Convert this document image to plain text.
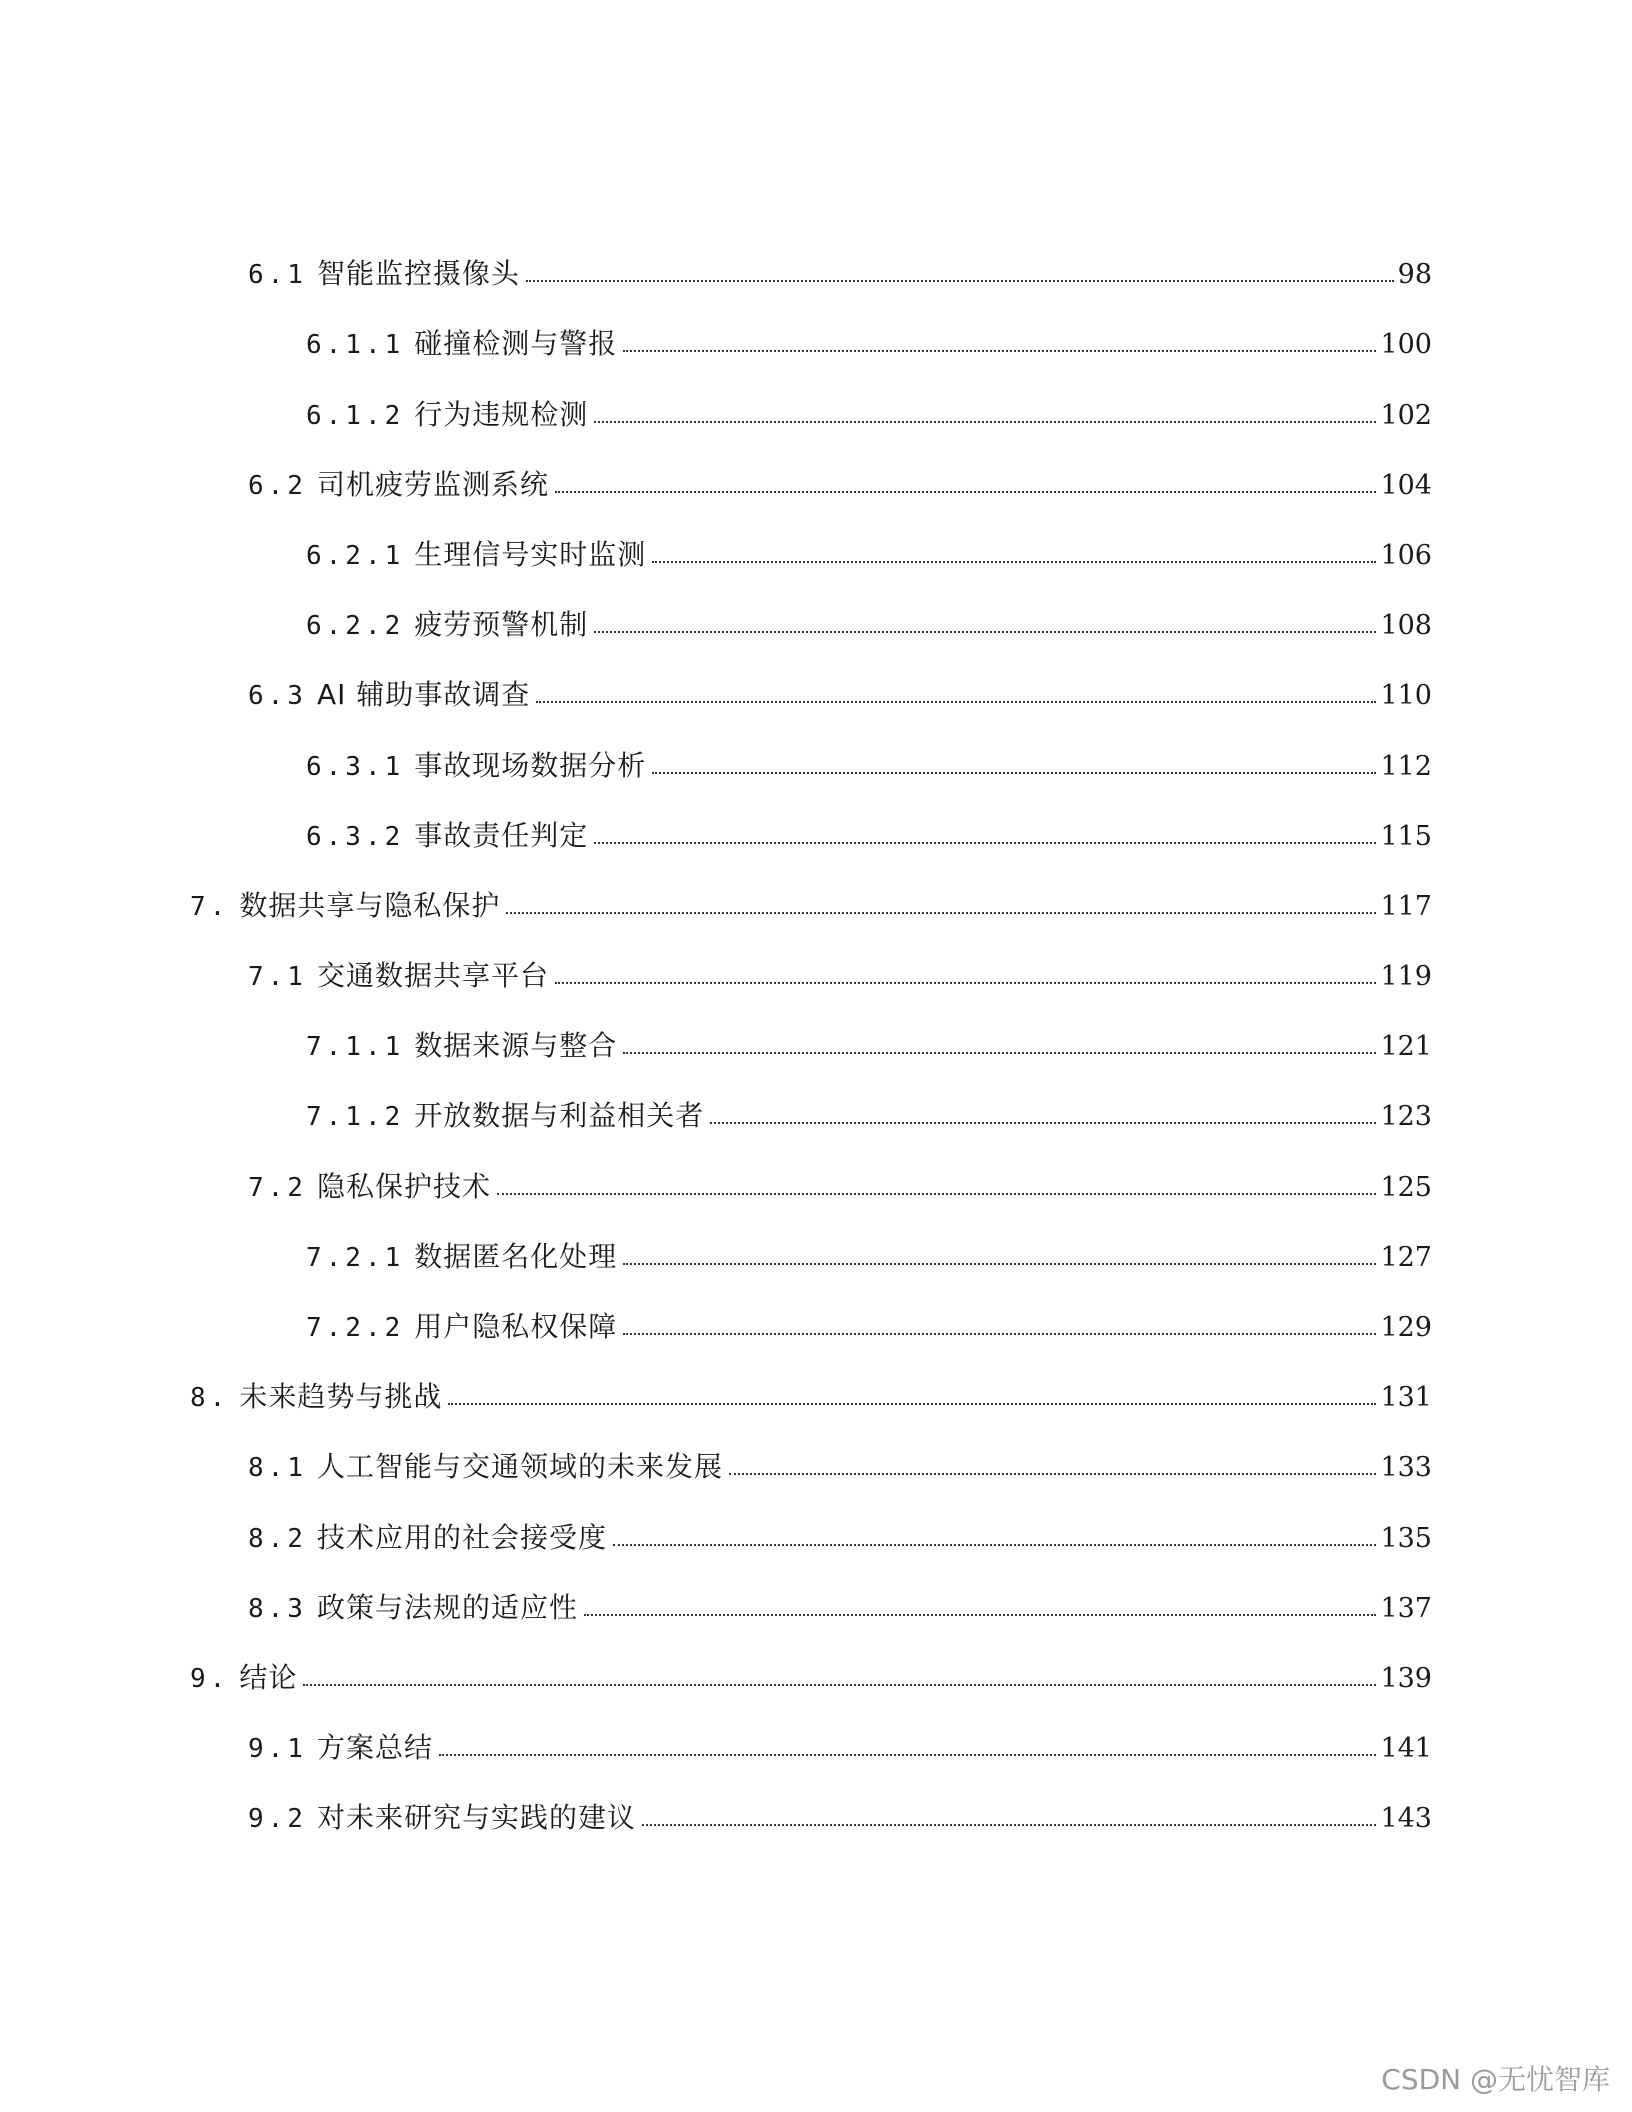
6.1 智能监控摄像头	98
6.1.1 碰撞检测与警报	100
6.1.2 行为违规检测	102
6.2 司机疲劳监测系统	104
6.2.1 生理信号实时监测	106
6.2.2 疲劳预警机制	108
6.3 AI 辅助事故调查	110
6.3.1 事故现场数据分析	112
6.3.2 事故责任判定	115
7. 数据共享与隐私保护	117
7.1 交通数据共享平台	119
7.1.1 数据来源与整合	121
7.1.2 开放数据与利益相关者	123
7.2 隐私保护技术	125
7.2.1 数据匿名化处理	127
7.2.2 用户隐私权保障	129
8. 未来趋势与挑战	131
8.1 人工智能与交通领域的未来发展	133
8.2 技术应用的社会接受度	135
8.3 政策与法规的适应性	137
9. 结论	139
9.1 方案总结	141
9.2 对未来研究与实践的建议	143
CSDN @无忧智库
